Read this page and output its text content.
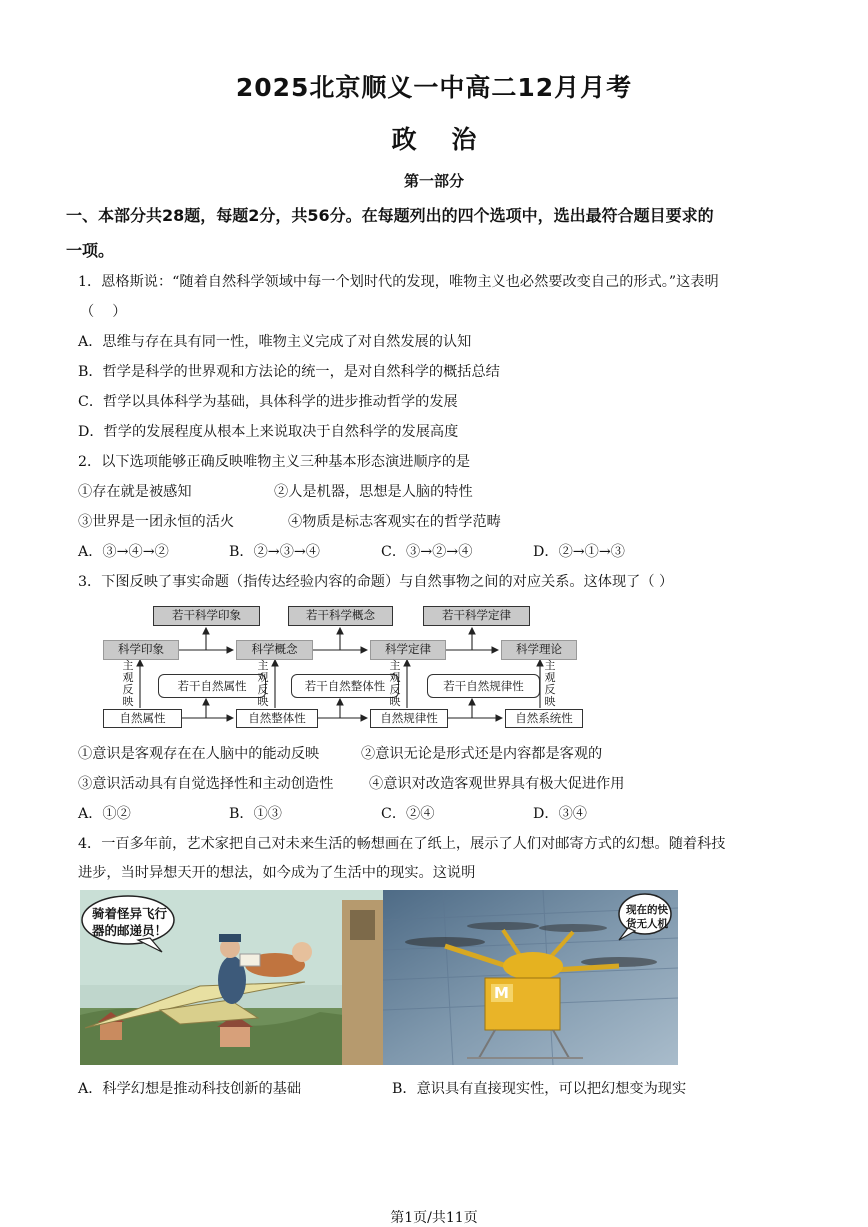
2025北京顺义一中高二12月月考
政    治
第一部分
一、本部分共28题，每题2分，共56分。在每题列出的四个选项中，选出最符合题目要求的
一项。
1．恩格斯说：“随着自然科学领域中每一个划时代的发现，唯物主义也必然要改变自己的形式。”这表明
（    ）
A．思维与存在具有同一性，唯物主义完成了对自然发展的认知
B．哲学是科学的世界观和方法论的统一，是对自然科学的概括总结
C．哲学以具体科学为基础，具体科学的进步推动哲学的发展
D．哲学的发展程度从根本上来说取决于自然科学的发展高度
2．以下选项能够正确反映唯物主义三种基本形态演进顺序的是
①存在就是被感知	②人是机器，思想是人脑的特性
③世界是一团永恒的活火	④物质是标志客观实在的哲学范畴
A．③→④→②	B．②→③→④	C．③→②→④	D．②→①→③
3．下图反映了事实命题（指传达经验内容的命题）与自然事物之间的对应关系。这体现了（ ）
若干科学印象	若干科学概念	若干科学定律
科学印象	科学概念	科学定律	科学理论
若干自然属性	若干自然整体性	若干自然规律性
自然属性	自然整体性	自然规律性	自然系统性
主观反映
主观反映
主观反映
主观反映
①意识是客观存在在人脑中的能动反映	②意识无论是形式还是内容都是客观的
③意识活动具有自觉选择性和主动创造性	④意识对改造客观世界具有极大促进作用
A．①②	B．①③	C．②④	D．③④
4．一百多年前，艺术家把自己对未来生活的畅想画在了纸上，展示了人们对邮寄方式的幻想。随着科技
进步，当时异想天开的想法，如今成为了生活中的现实。这说明
骑着怪异飞行
器的邮递员！
M
现在的快
货无人机
A．科学幻想是推动科技创新的基础	B．意识具有直接现实性，可以把幻想变为现实
第1页/共11页
